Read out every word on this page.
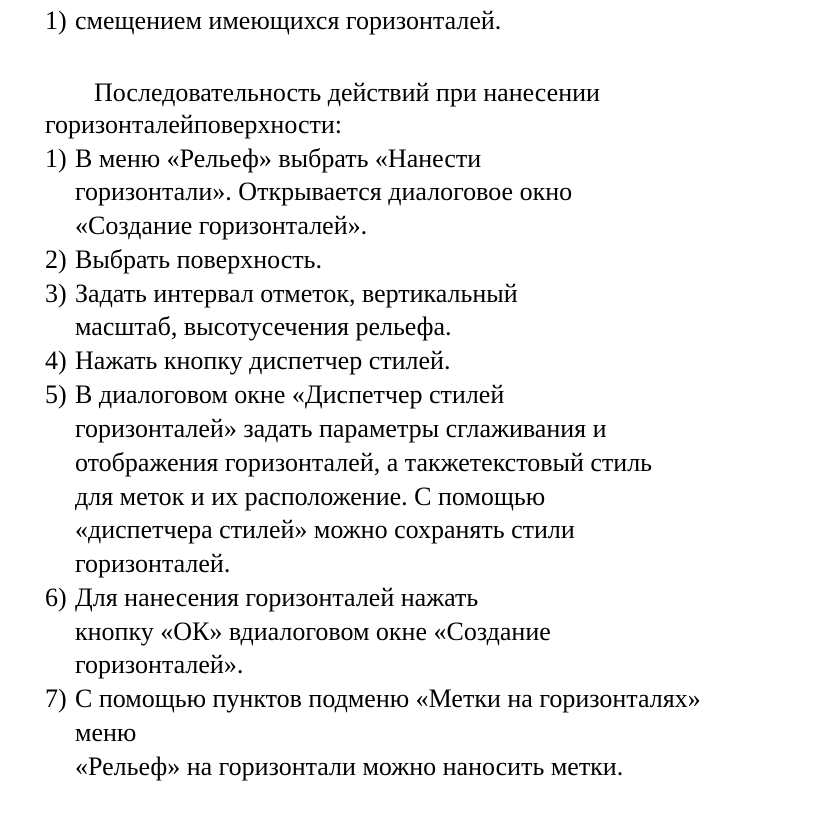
1) смещением имеющихся горизонталей.
Последовательность действий при нанесении
горизонталейповерхности:
1) В меню «Рельеф» выбрать «Нанести
горизонтали». Открывается диалоговое окно
«Создание горизонталей».
2) Выбрать поверхность.
3) Задать интервал отметок, вертикальный
масштаб, высотусечения рельефа.
4) Нажать кнопку диспетчер стилей.
5) В диалоговом окне «Диспетчер стилей
горизонталей» задать параметры сглаживания и
отображения горизонталей, а такжетекстовый стиль
для меток и их расположение. С помощью
«диспетчера стилей» можно сохранять стили
горизонталей.
6) Для нанесения горизонталей нажать
кнопку «ОК» вдиалоговом окне «Создание
горизонталей».
7) С помощью пунктов подменю «Метки на горизонталях»
меню
«Рельеф» на горизонтали можно наносить метки.
